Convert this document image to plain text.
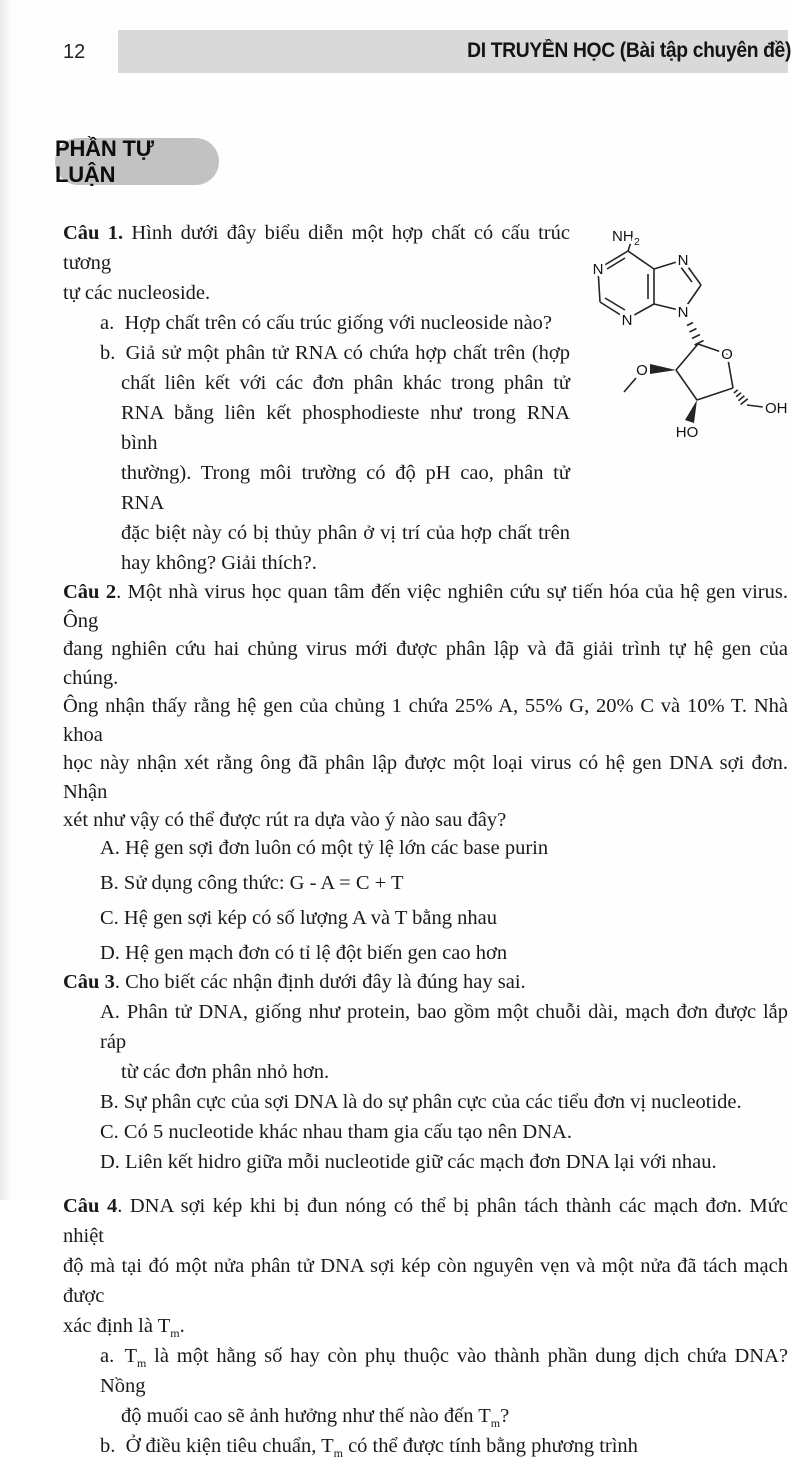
DI TRUYỀN HỌC (Bài tập chuyên đề)
12
PHẦN TỰ LUẬN
Câu 1. Hình dưới đây biểu diễn một hợp chất có cấu trúc tương
tự các nucleoside.
a. Hợp chất trên có cấu trúc giống với nucleoside nào?
b. Giả sử một phân tử RNA có chứa hợp chất trên (hợp
chất liên kết với các đơn phân khác trong phân tử
RNA bằng liên kết phosphodieste như trong RNA bình
thường). Trong môi trường có độ pH cao, phân tử RNA
đặc biệt này có bị thủy phân ở vị trí của hợp chất trên
hay không? Giải thích?.
Câu 2. Một nhà virus học quan tâm đến việc nghiên cứu sự tiến hóa của hệ gen virus. Ông
đang nghiên cứu hai chủng virus mới được phân lập và đã giải trình tự hệ gen của chúng.
Ông nhận thấy rằng hệ gen của chủng 1 chứa 25% A, 55% G, 20% C và 10% T. Nhà khoa
học này nhận xét rằng ông đã phân lập được một loại virus có hệ gen DNA sợi đơn. Nhận
xét như vậy có thể được rút ra dựa vào ý nào sau đây?
A. Hệ gen sợi đơn luôn có một tỷ lệ lớn các base purin
B. Sử dụng công thức: G - A = C + T
C. Hệ gen sợi kép có số lượng A và T bằng nhau
D. Hệ gen mạch đơn có tỉ lệ đột biến gen cao hơn
Câu 3. Cho biết các nhận định dưới đây là đúng hay sai.
A. Phân tử DNA, giống như protein, bao gồm một chuỗi dài, mạch đơn được lắp ráp
từ các đơn phân nhỏ hơn.
B. Sự phân cực của sợi DNA là do sự phân cực của các tiểu đơn vị nucleotide.
C. Có 5 nucleotide khác nhau tham gia cấu tạo nên DNA.
D. Liên kết hidro giữa mỗi nucleotide giữ các mạch đơn DNA lại với nhau.
Câu 4. DNA sợi kép khi bị đun nóng có thể bị phân tách thành các mạch đơn. Mức nhiệt
độ mà tại đó một nửa phân tử DNA sợi kép còn nguyên vẹn và một nửa đã tách mạch được
xác định là $T_m$.
a. $T_m$ là một hằng số hay còn phụ thuộc vào thành phần dung dịch chứa DNA? Nồng
độ muối cao sẽ ảnh hưởng như thế nào đến $T_m$?
b. Ở điều kiện tiêu chuẩn, $T_m$ có thể được tính bằng phương trình
NH 2
N
N
N
N
O
O
OH
HO
